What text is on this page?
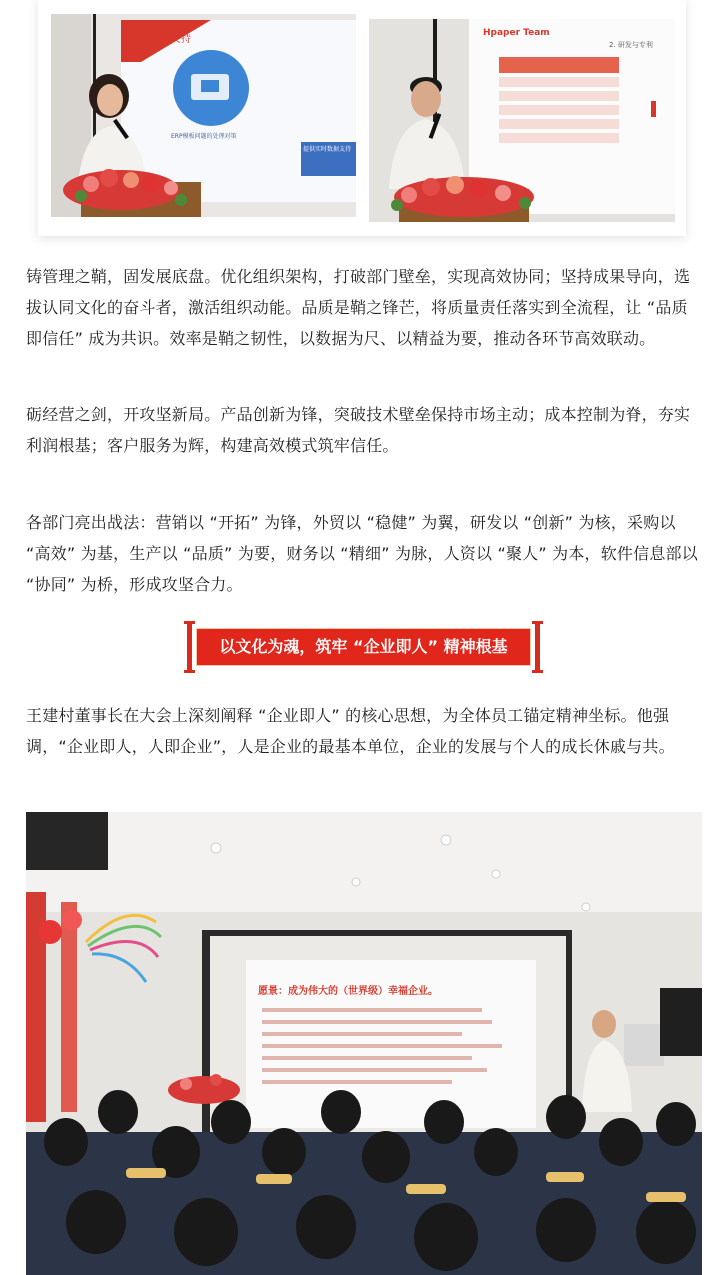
支持
ERP模板问题的处理对策
提供实时数据支持
Hpaper Team
2. 研发与专利

铸管理之鞘，固发展底盘。优化组织架构，打破部门壁垒，实现高效协同；坚持成果导向，选拔认同文化的奋斗者，激活组织动能。品质是鞘之锋芒，将质量责任落实到全流程，让 “品质即信任” 成为共识。效率是鞘之韧性，以数据为尺、以精益为要，推动各环节高效联动。

砺经营之剑，开攻坚新局。产品创新为锋，突破技术壁垒保持市场主动；成本控制为脊，夯实利润根基；客户服务为辉，构建高效模式筑牢信任。

各部门亮出战法：营销以 “开拓” 为锋，外贸以 “稳健” 为翼，研发以 “创新” 为核，采购以 “高效” 为基，生产以 “品质” 为要，财务以 “精细” 为脉，人资以 “聚人” 为本，软件信息部以 “协同” 为桥，形成攻坚合力。

以文化为魂，筑牢 “企业即人” 精神根基

王建村董事长在大会上深刻阐释 “企业即人” 的核心思想，为全体员工锚定精神坐标。他强调，“企业即人，人即企业”，人是企业的最基本单位，企业的发展与个人的成长休戚与共。

愿景：成为伟大的（世界级）幸福企业。
